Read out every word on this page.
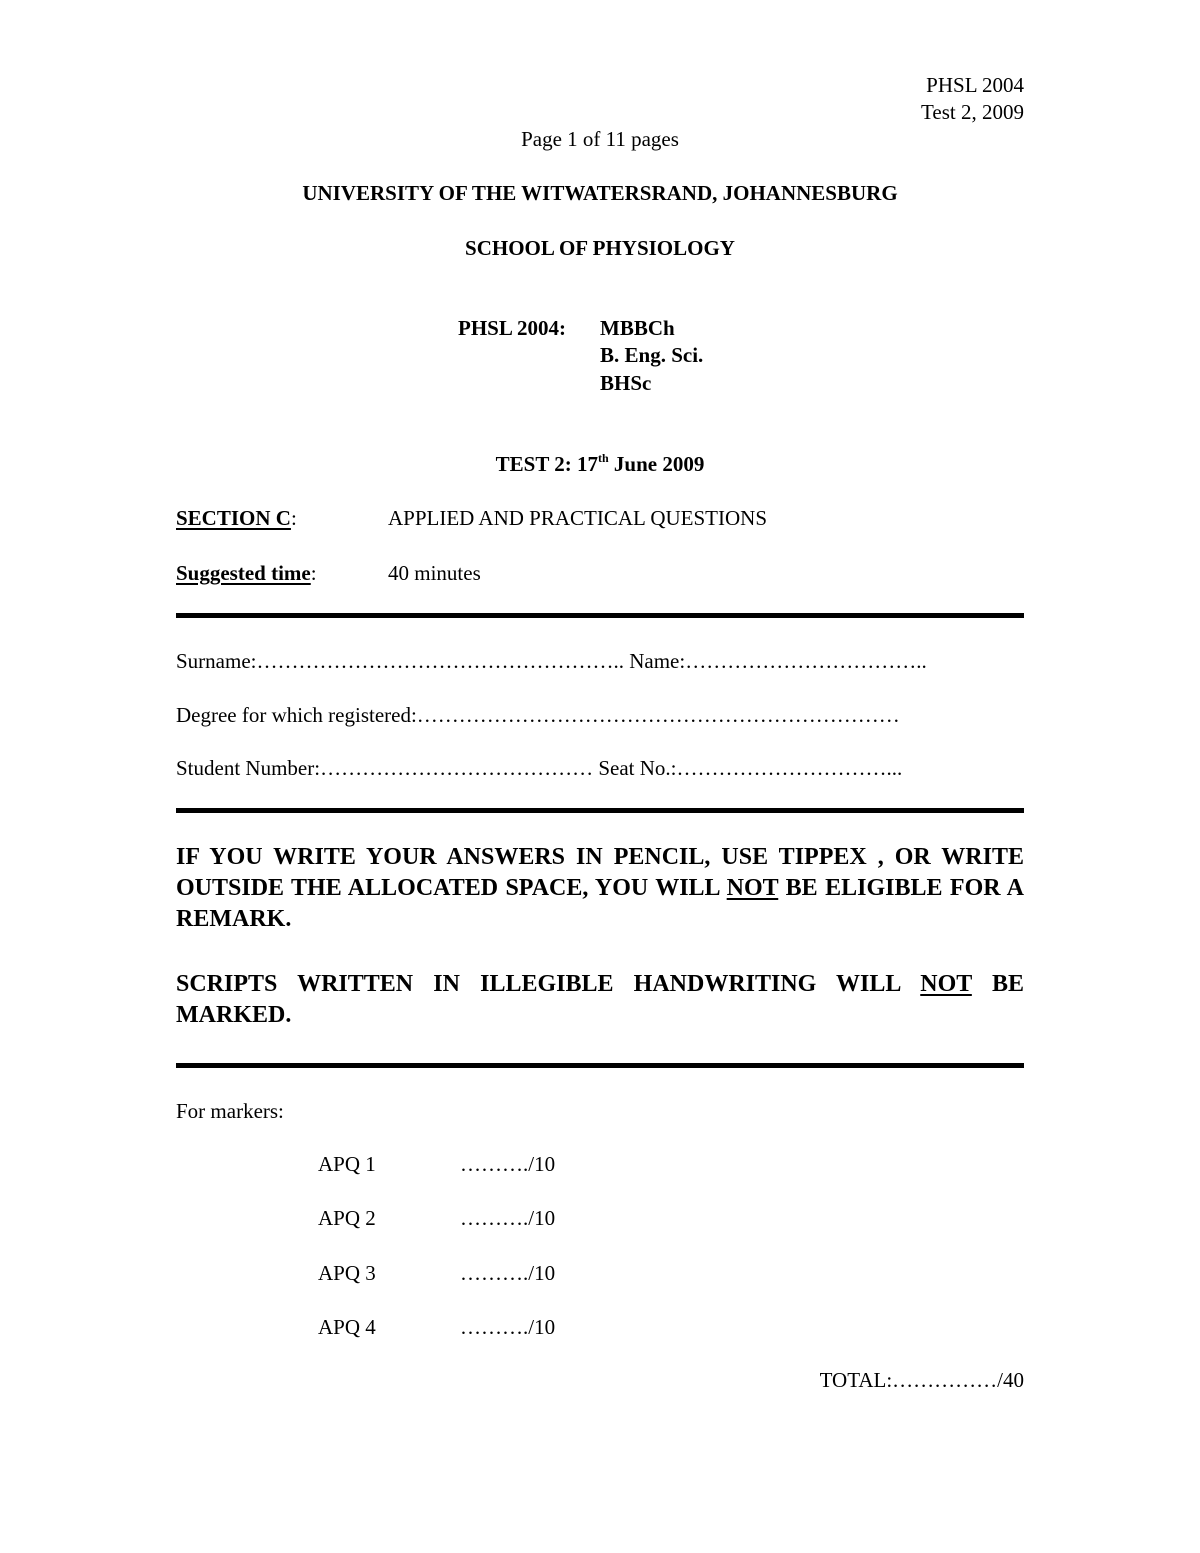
PHSL 2004
Test 2, 2009
Page 1 of 11 pages
UNIVERSITY OF THE WITWATERSRAND, JOHANNESBURG
SCHOOL OF PHYSIOLOGY
PHSL 2004: MBBCh
B. Eng. Sci.
BHSc
TEST 2: 17th June 2009
SECTION C:	APPLIED AND PRACTICAL QUESTIONS
Suggested time:	40 minutes
Surname:…………………………………………….. Name:……………………………..
Degree for which registered:……………………………………………………………
Student Number:………………………………… Seat No.:…………………………...
IF YOU WRITE YOUR ANSWERS IN PENCIL, USE TIPPEX , OR WRITE OUTSIDE THE ALLOCATED SPACE, YOU WILL NOT BE ELIGIBLE FOR A REMARK.
SCRIPTS WRITTEN IN ILLEGIBLE HANDWRITING WILL NOT BE MARKED.
For markers:
APQ 1	………./10
APQ 2	………./10
APQ 3	………./10
APQ 4	………./10
TOTAL:……………/40
